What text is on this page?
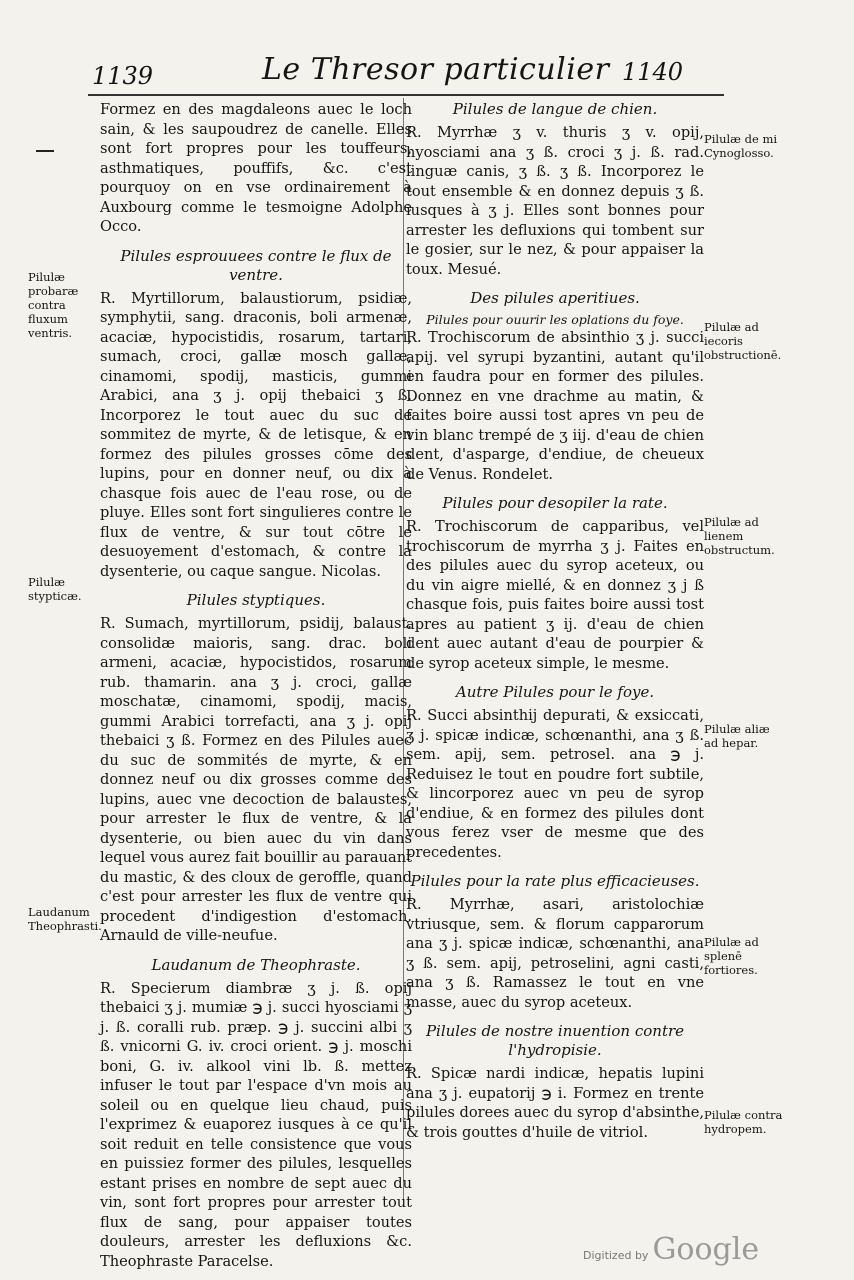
1139	Le Thresor particulier 1140

Formez en des magdaleons auec le loch sain, & les saupoudrez de canelle. Elles sont fort propres pour les touffeurs, asthmatiques, pouffifs, &c. c'est pourquoy on en vse ordinairement à Auxbourg comme le tesmoigne Adolphe Occo.

Pilules esprouuees contre le flux de ventre.

R. Myrtillorum, balaustiorum, psidiæ, symphytii, sang. draconis, boli armenæ, acaciæ, hypocistidis, rosarum, tartari, sumach, croci, gallæ mosch gallæ, cinamomi, spodij, masticis, gummi Arabici, ana ʒ j. opij thebaici ʒ ß. Incorporez le tout auec du suc de sommitez de myrte, & de letisque, & en formez des pilules grosses cōme des lupins, pour en donner neuf, ou dix à chasque fois auec de l'eau rose, ou de pluye. Elles sont fort singulieres contre le flux de ventre, & sur tout cōtre le desuoyement d'estomach, & contre la dysenterie, ou caque sangue. Nicolas.

Pilules styptiques.

R. Sumach, myrtillorum, psidij, balaust. consolidæ maioris, sang. drac. boli armeni, acaciæ, hypocistidos, rosarum rub. thamarin. ana ʒ j. croci, gallæ moschatæ, cinamomi, spodij, macis, gummi Arabici torrefacti, ana ʒ j. opij thebaici ʒ ß. Formez en des Pilules auec du suc de sommités de myrte, & en donnez neuf ou dix grosses comme des lupins, auec vne decoction de balaustes, pour arrester le flux de ventre, & la dysenterie, ou bien auec du vin dans lequel vous aurez fait bouillir au parauant du mastic, & des cloux de geroffle, quand c'est pour arrester les flux de ventre qui procedent d'indigestion d'estomach. Arnauld de ville-neufue.

Laudanum de Theophraste.

R. Specierum diambræ ʒ j. ß. opij thebaici ʒ j. mumiæ ℈ j. succi hyosciami ʒ j. ß. coralli rub. præp. ℈ j. succini albi ʒ ß. vnicorni G. iv. croci orient. ℈ j. moschi boni, G. iv. alkool vini lb. ß. mettez infuser le tout par l'espace d'vn mois au soleil ou en quelque lieu chaud, puis l'exprimez & euaporez iusques à ce qu'il soit reduit en telle consistence que vous en puissiez former des pilules, lesquelles estant prises en nombre de sept auec du vin, sont fort propres pour arrester tout flux de sang, pour appaiser toutes douleurs, arrester les defluxions &c. Theophraste Paracelse.

Pilules de langue de chien.

R. Myrrhæ ʒ v. thuris ʒ v. opij, hyosciami ana ʒ ß. croci ʒ j. ß. rad. linguæ canis, ʒ ß. ʒ ß. Incorporez le tout ensemble & en donnez depuis ʒ ß. iusques à ʒ j. Elles sont bonnes pour arrester les defluxions qui tombent sur le gosier, sur le nez, & pour appaiser la toux. Mesué.

Des pilules aperitiues.
Pilules pour ouurir les oplations du foye.

R. Trochiscorum de absinthio ʒ j. succi apij. vel syrupi byzantini, autant qu'il en faudra pour en former des pilules. Donnez en vne drachme au matin, & faites boire aussi tost apres vn peu de vin blanc trempé de ʒ iij. d'eau de chien dent, d'asparge, d'endiue, de cheueux de Venus. Rondelet.

Pilules pour desopiler la rate.

R. Trochiscorum de capparibus, vel trochiscorum de myrrha ʒ j. Faites en des pilules auec du syrop aceteux, ou du vin aigre miellé, & en donnez ʒ j ß chasque fois, puis faites boire aussi tost apres au patient ʒ ij. d'eau de chien dent auec autant d'eau de pourpier & de syrop aceteux simple, le mesme.

Autre Pilules pour le foye.

R. Succi absinthij depurati, & exsiccati, ʒ j. spicæ indicæ, schœnanthi, ana ʒ ß. sem. apij, sem. petrosel. ana ℈ j. Reduisez le tout en poudre fort subtile, & lincorporez auec vn peu de syrop d'endiue, & en formez des pilules dont vous ferez vser de mesme que des precedentes.

Pilules pour la rate plus efficacieuses.

R. Myrrhæ, asari, aristolochiæ vtriusque, sem. & florum capparorum ana ʒ j. spicæ indicæ, schœnanthi, ana ʒ ß. sem. apij, petroselini, agni casti, ana ʒ ß. Ramassez le tout en vne masse, auec du syrop aceteux.

Pilules de nostre inuention contre l'hydropisie.

R. Spicæ nardi indicæ, hepatis lupini ana ʒ j. eupatorij ℈ i. Formez en trente pilules dorees auec du syrop d'absinthe, & trois gouttes d'huile de vitriol.

Pilulæ probaræ contra fluxum ventris.
Pilulæ stypticæ.
Laudanum Theophrasti.
Pilulæ de mi Cynoglosso.
Pilulæ ad iecoris obstructionē.
Pilulæ ad lienem obstructum.
Pilulæ aliæ ad hepar.
Pilulæ ad splenē fortiores.
Pilulæ contra hydropem.
Digitized by Google
